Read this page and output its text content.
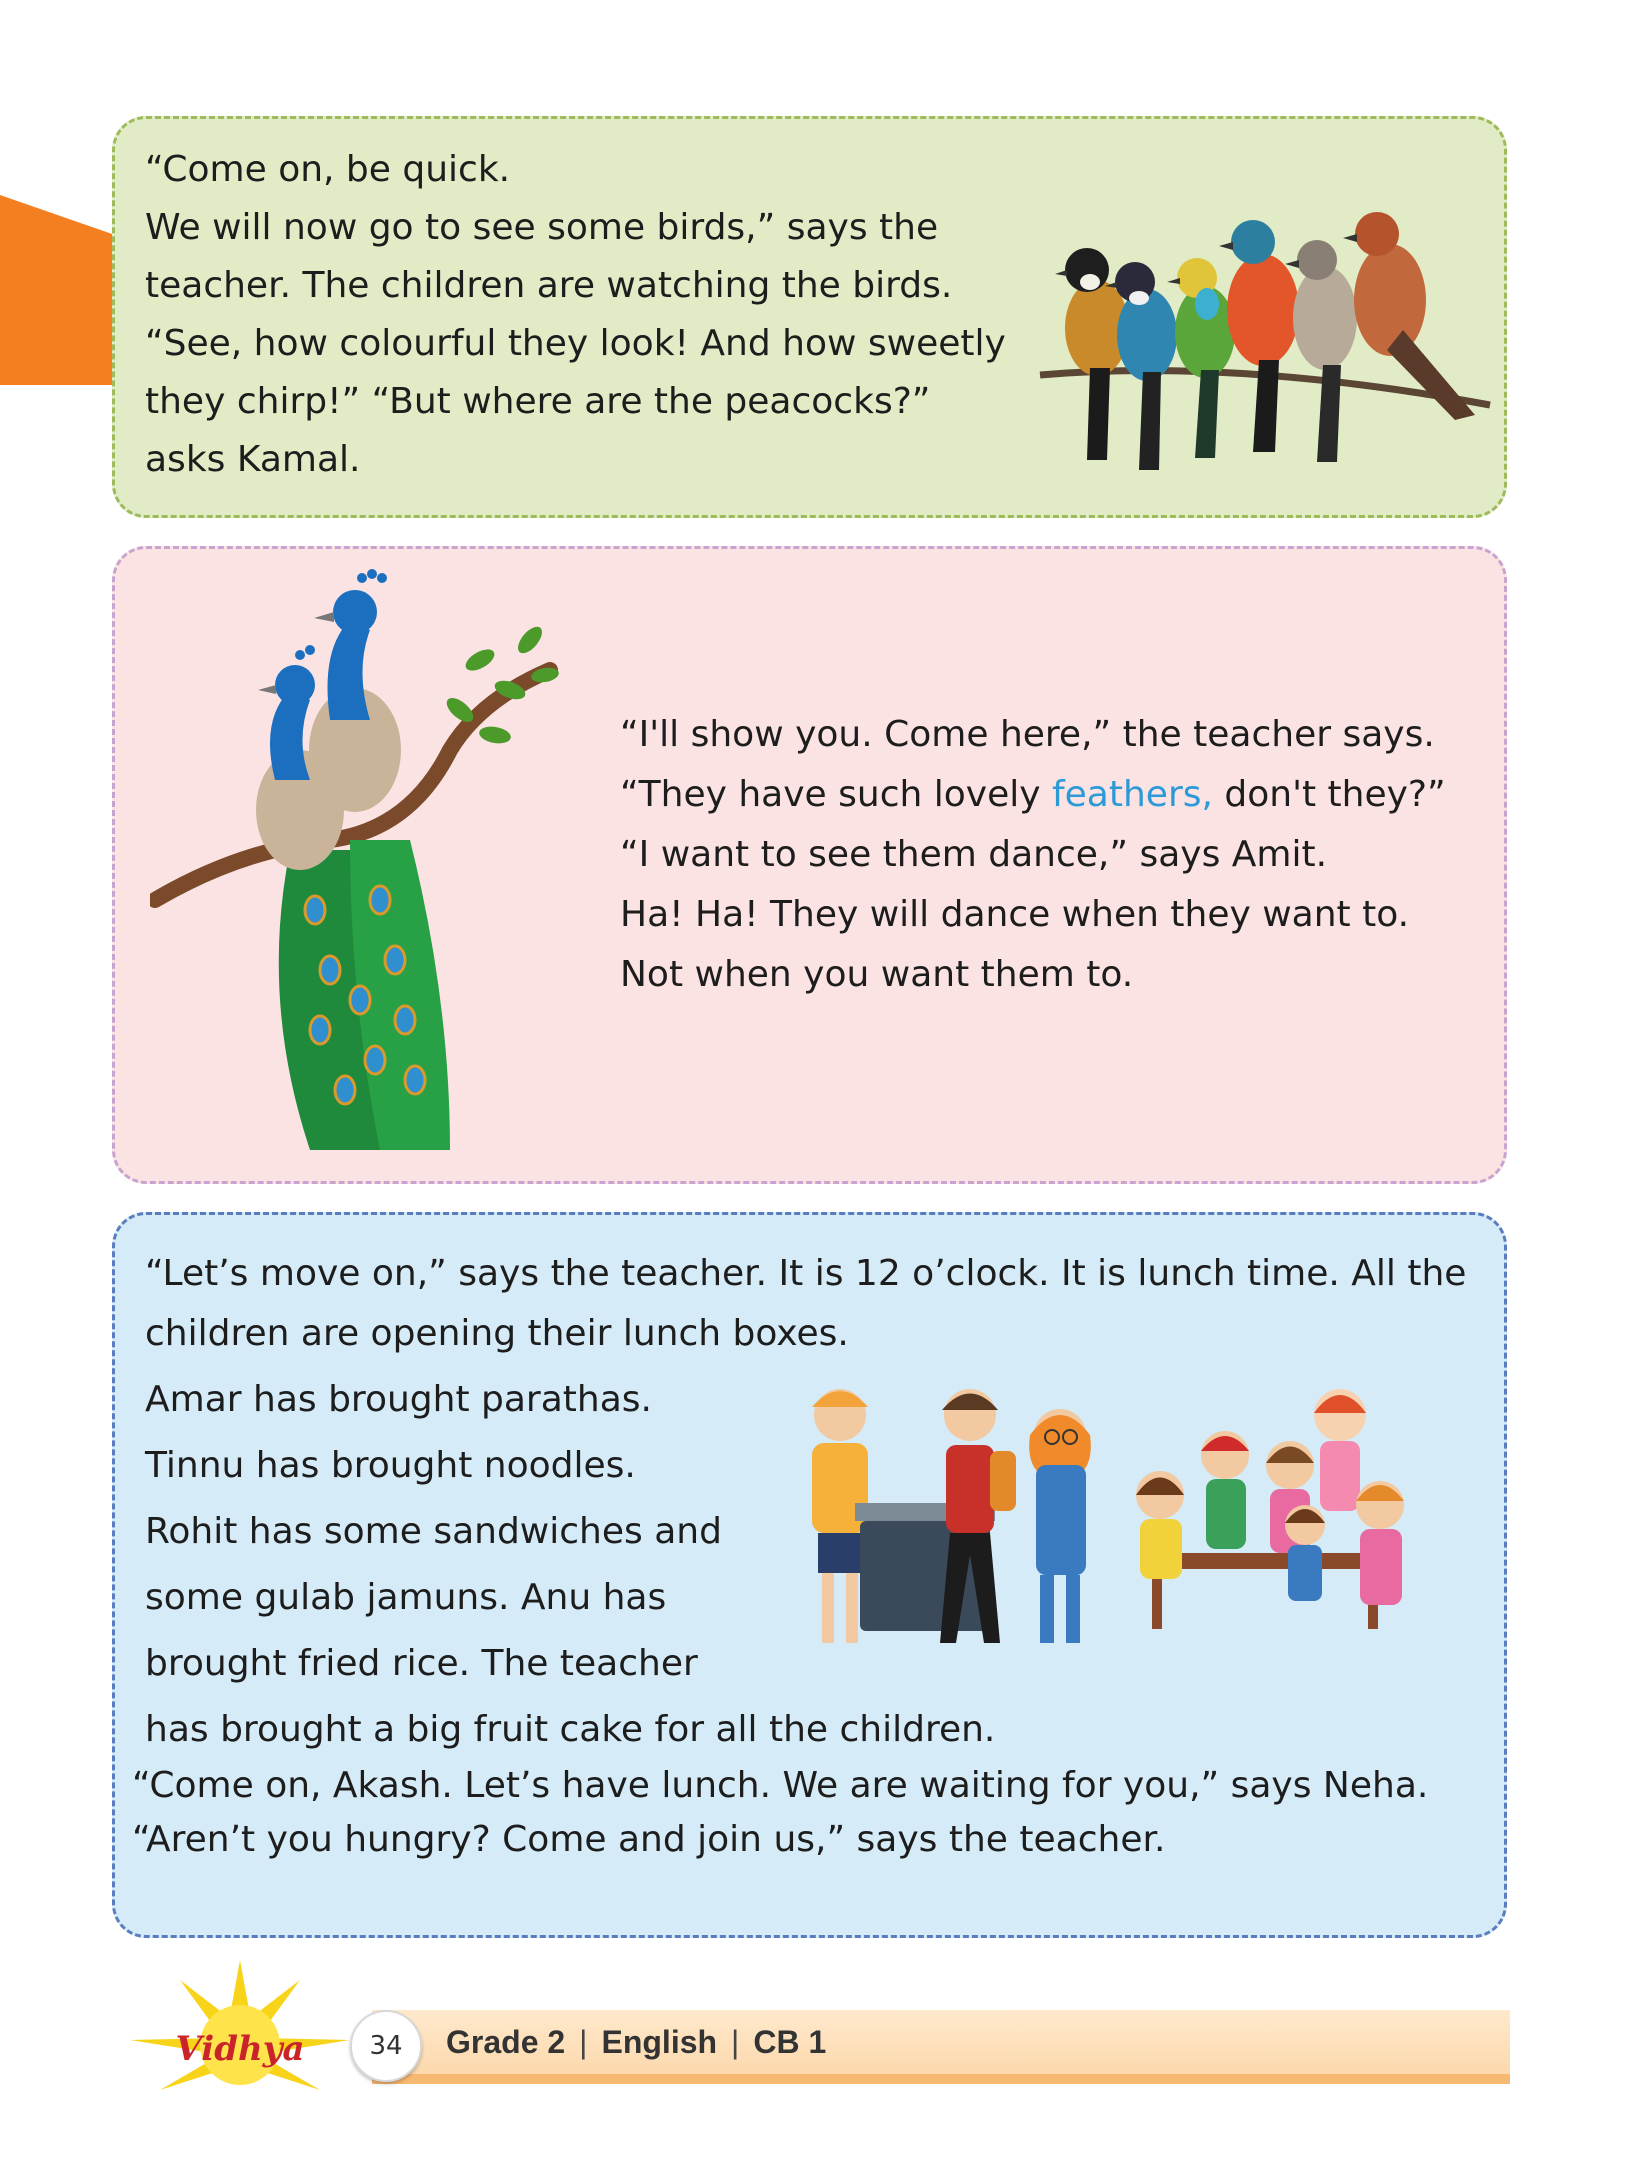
“Come on, be quick.
We will now go to see some birds,” says the
teacher. The children are watching the birds.
“See, how colourful they look! And how sweetly
they chirp!” “But where are the peacocks?”
asks Kamal.
“I'll show you. Come here,” the teacher says.
“They have such lovely feathers, don't they?”
“I want to see them dance,” says Amit.
Ha! Ha! They will dance when they want to.
Not when you want them to.
“Let’s move on,” says the teacher. It is 12 o’clock. It is lunch time. All the
children are opening their lunch boxes.
Amar has brought parathas.
Tinnu has brought noodles.
Rohit has some sandwiches and
some gulab jamuns. Anu has
brought fried rice. The teacher
has brought a big fruit cake for all the children.
“Come on, Akash. Let’s have lunch. We are waiting for you,” says Neha.
“Aren’t you hungry? Come and join us,” says the teacher.
Vidhya	34	Grade 2 | English | CB 1
